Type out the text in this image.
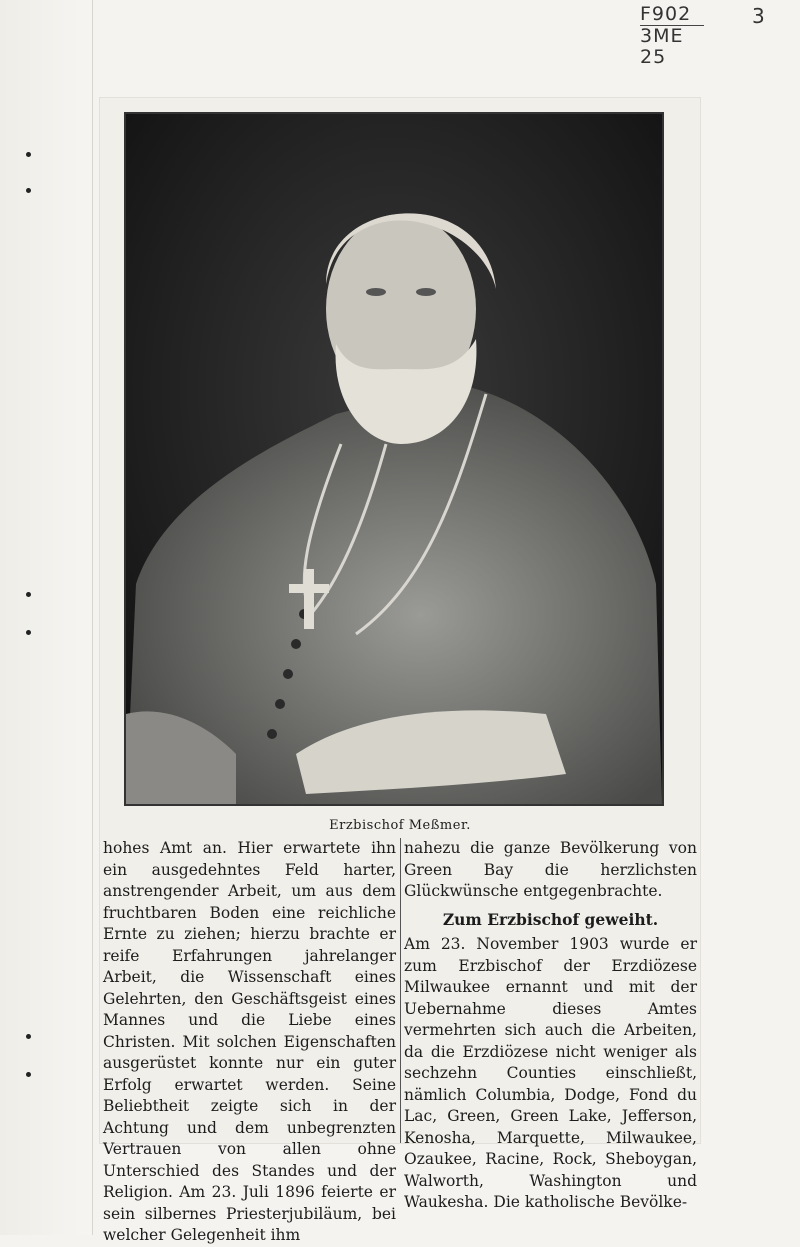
F902
3ME
25
3
Erzbischof Meßmer.

hohes Amt an. Hier erwartete ihn ein ausgedehntes Feld harter, anstrengender Arbeit, um aus dem fruchtbaren Boden eine reichliche Ernte zu ziehen; hierzu brachte er reife Erfahrungen jahrelanger Arbeit, die Wissenschaft eines Gelehrten, den Geschäftsgeist eines Mannes und die Liebe eines Christen. Mit solchen Eigenschaften ausgerüstet konnte nur ein guter Erfolg erwartet werden. Seine Beliebtheit zeigte sich in der Achtung und dem unbegrenzten Vertrauen von allen ohne Unterschied des Standes und der Religion. Am 23. Juli 1896 feierte er sein silbernes Priesterjubiläum, bei welcher Gelegenheit ihm

nahezu die ganze Bevölkerung von Green Bay die herzlichsten Glückwünsche entgegenbrachte.

Zum Erzbischof geweiht.

Am 23. November 1903 wurde er zum Erzbischof der Erzdiözese Milwaukee ernannt und mit der Uebernahme dieses Amtes vermehrten sich auch die Arbeiten, da die Erzdiözese nicht weniger als sechzehn Counties einschließt, nämlich Columbia, Dodge, Fond du Lac, Green, Green Lake, Jefferson, Kenosha, Marquette, Milwaukee, Ozaukee, Racine, Rock, Sheboygan, Walworth, Washington und Waukesha. Die katholische Bevölke-
